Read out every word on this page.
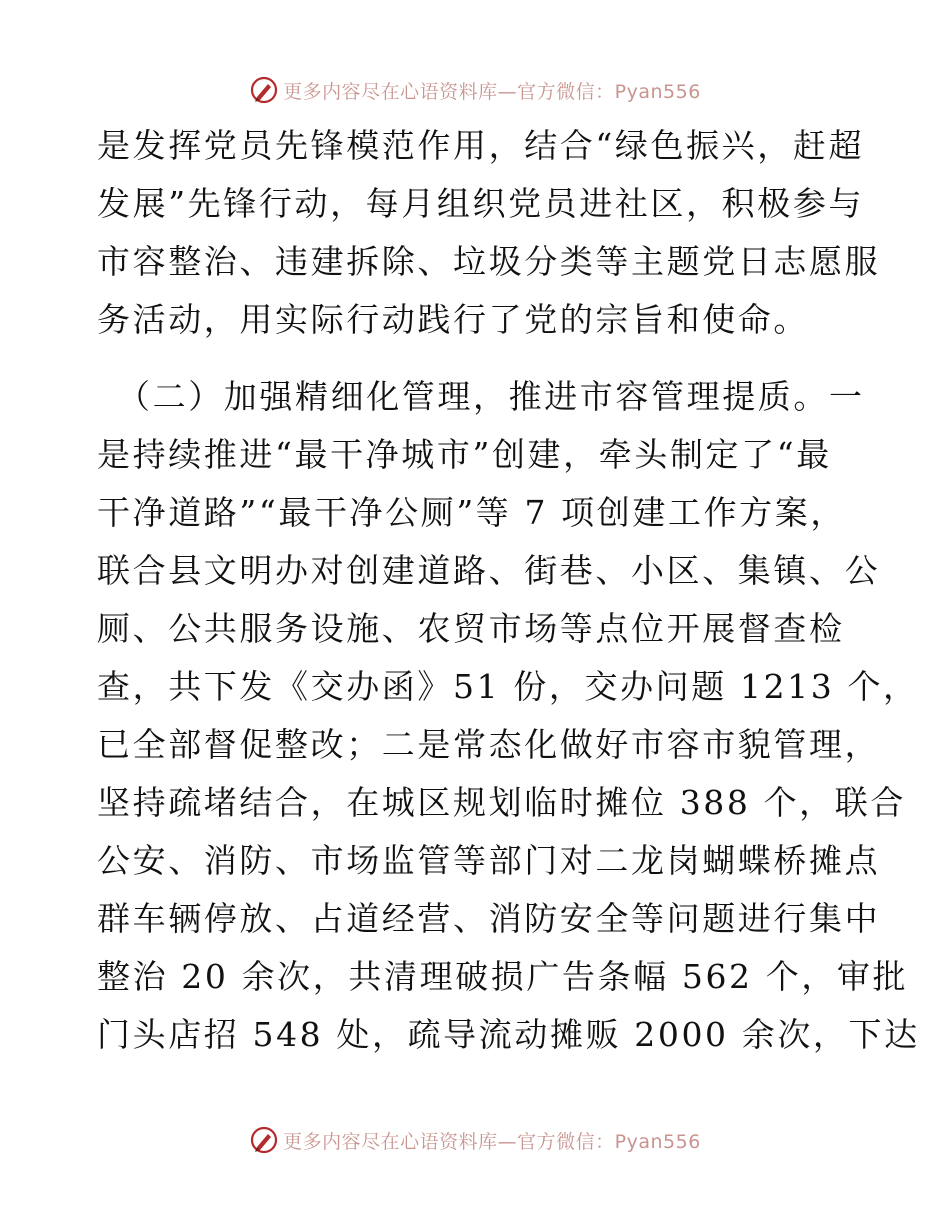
更多内容尽在心语资料库—官方微信：Pyan556
是发挥党员先锋模范作用，结合“绿色振兴，赶超
发展”先锋行动，每月组织党员进社区，积极参与
市容整治、违建拆除、垃圾分类等主题党日志愿服
务活动，用实际行动践行了党的宗旨和使命。
（二）加强精细化管理，推进市容管理提质。一
是持续推进“最干净城市”创建，牵头制定了“最
干净道路”“最干净公厕”等 7 项创建工作方案，
联合县文明办对创建道路、街巷、小区、集镇、公
厕、公共服务设施、农贸市场等点位开展督查检
查，共下发《交办函》51 份，交办问题 1213 个，
已全部督促整改；二是常态化做好市容市貌管理，
坚持疏堵结合，在城区规划临时摊位 388 个，联合
公安、消防、市场监管等部门对二龙岗蝴蝶桥摊点
群车辆停放、占道经营、消防安全等问题进行集中
整治 20 余次，共清理破损广告条幅 562 个，审批
门头店招 548 处，疏导流动摊贩 2000 余次，下达
更多内容尽在心语资料库—官方微信：Pyan556
